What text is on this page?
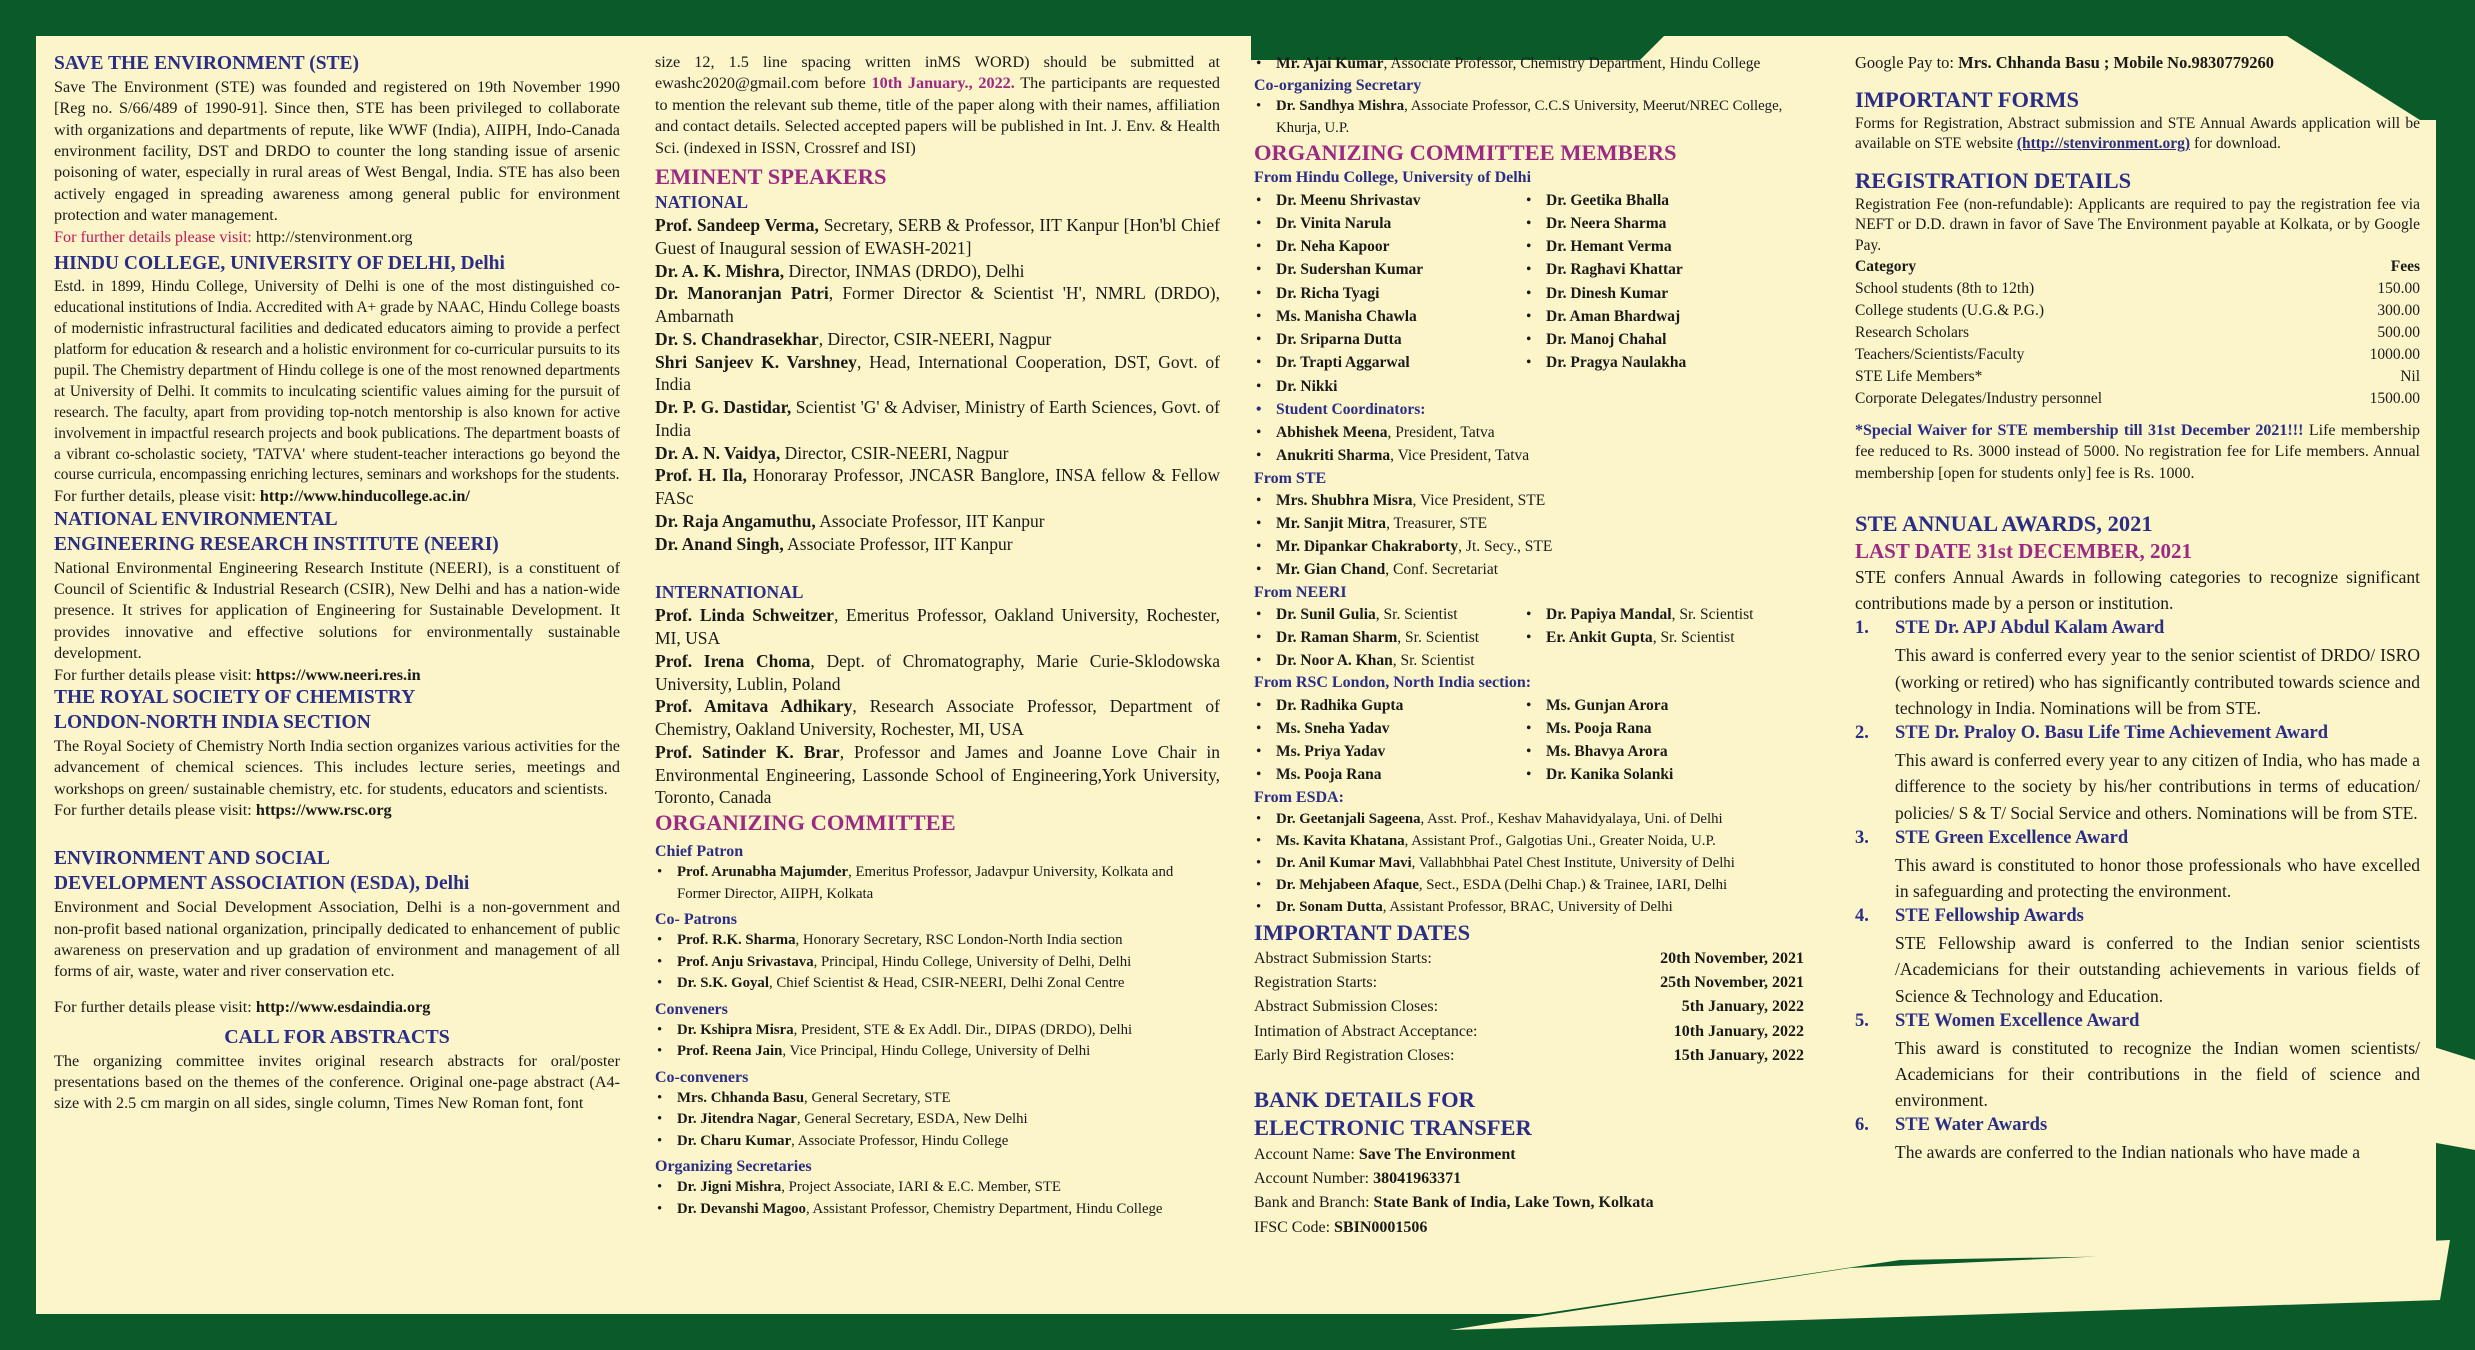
SAVE THE ENVIRONMENT (STE)

Save The Environment (STE) was founded and registered on 19th November 1990 [Reg no. S/66/489 of 1990-91]. Since then, STE has been privileged to collaborate with organizations and departments of repute, like WWF (India), AIIPH, Indo-Canada environment facility, DST and DRDO to counter the long standing issue of arsenic poisoning of water, especially in rural areas of West Bengal, India. STE has also been actively engaged in spreading awareness among general public for environment protection and water management.

For further details please visit: http://stenvironment.org

HINDU COLLEGE, UNIVERSITY OF DELHI, Delhi

Estd. in 1899, Hindu College, University of Delhi is one of the most distinguished co-educational institutions of India. Accredited with A+ grade by NAAC, Hindu College boasts of modernistic infrastructural facilities and dedicated educators aiming to provide a perfect platform for education & research and a holistic environment for co-curricular pursuits to its pupil. The Chemistry department of Hindu college is one of the most renowned departments at University of Delhi. It commits to inculcating scientific values aiming for the pursuit of research. The faculty, apart from providing top-notch mentorship is also known for active involvement in impactful research projects and book publications. The department boasts of a vibrant co-scholastic society, 'TATVA' where student-teacher interactions go beyond the course curricula, encompassing enriching lectures, seminars and workshops for the students.

For further details, please visit: http://www.hinducollege.ac.in/

NATIONAL ENVIRONMENTAL

ENGINEERING RESEARCH INSTITUTE (NEERI)

National Environmental Engineering Research Institute (NEERI), is a constituent of Council of Scientific & Industrial Research (CSIR), New Delhi and has a nation-wide presence. It strives for application of Engineering for Sustainable Development. It provides innovative and effective solutions for environmentally sustainable development.

For further details please visit: https://www.neeri.res.in

THE ROYAL SOCIETY OF CHEMISTRY

LONDON-NORTH INDIA SECTION

The Royal Society of Chemistry North India section organizes various activities for the advancement of chemical sciences. This includes lecture series, meetings and workshops on green/ sustainable chemistry, etc. for students, educators and scientists.

For further details please visit: https://www.rsc.org

ENVIRONMENT AND SOCIAL

DEVELOPMENT ASSOCIATION (ESDA), Delhi

Environment and Social Development Association, Delhi is a non-government and non-profit based national organization, principally dedicated to enhancement of public awareness on preservation and up gradation of environment and management of all forms of air, waste, water and river conservation etc.

For further details please visit: http://www.esdaindia.org

CALL FOR ABSTRACTS

The organizing committee invites original research abstracts for oral/poster presentations based on the themes of the conference. Original one-page abstract (A4-size with 2.5 cm margin on all sides, single column, Times New Roman font, font

size 12, 1.5 line spacing written inMS WORD) should be submitted at ewashc2020@gmail.com before 10th January., 2022. The participants are requested to mention the relevant sub theme, title of the paper along with their names, affiliation and contact details. Selected accepted papers will be published in Int. J. Env. & Health Sci. (indexed in ISSN, Crossref and ISI)

EMINENT SPEAKERS

NATIONAL

Prof. Sandeep Verma, Secretary, SERB & Professor, IIT Kanpur [Hon'bl Chief Guest of Inaugural session of EWASH-2021]

Dr. A. K. Mishra, Director, INMAS (DRDO), Delhi

Dr. Manoranjan Patri, Former Director & Scientist 'H', NMRL (DRDO), Ambarnath

Dr. S. Chandrasekhar, Director, CSIR-NEERI, Nagpur

Shri Sanjeev K. Varshney, Head, International Cooperation, DST, Govt. of India

Dr. P. G. Dastidar, Scientist 'G' & Adviser, Ministry of Earth Sciences, Govt. of India

Dr. A. N. Vaidya, Director, CSIR-NEERI, Nagpur

Prof. H. Ila, Honoraray Professor, JNCASR Banglore, INSA fellow & Fellow FASc

Dr. Raja Angamuthu, Associate Professor, IIT Kanpur

Dr. Anand Singh, Associate Professor, IIT Kanpur

INTERNATIONAL

Prof. Linda Schweitzer, Emeritus Professor, Oakland University, Rochester, MI, USA

Prof. Irena Choma, Dept. of Chromatography, Marie Curie-Sklodowska University, Lublin, Poland

Prof. Amitava Adhikary, Research Associate Professor, Department of Chemistry, Oakland University, Rochester, MI, USA

Prof. Satinder K. Brar, Professor and James and Joanne Love Chair in Environmental Engineering, Lassonde School of Engineering,York University, Toronto, Canada

ORGANIZING COMMITTEE

Chief Patron

• Prof. Arunabha Majumder, Emeritus Professor, Jadavpur University, Kolkata and Former Director, AIIPH, Kolkata

Co- Patrons

• Prof. R.K. Sharma, Honorary Secretary, RSC London-North India section
• Prof. Anju Srivastava, Principal, Hindu College, University of Delhi, Delhi
• Dr. S.K. Goyal, Chief Scientist & Head, CSIR-NEERI, Delhi Zonal Centre

Conveners

• Dr. Kshipra Misra, President, STE & Ex Addl. Dir., DIPAS (DRDO), Delhi
• Prof. Reena Jain, Vice Principal, Hindu College, University of Delhi

Co-conveners

• Mrs. Chhanda Basu, General Secretary, STE
• Dr. Jitendra Nagar, General Secretary, ESDA, New Delhi
• Dr. Charu Kumar, Associate Professor, Hindu College

Organizing Secretaries

• Dr. Jigni Mishra, Project Associate, IARI & E.C. Member, STE
• Dr. Devanshi Magoo, Assistant Professor, Chemistry Department, Hindu College
• Mr. Ajai Kumar, Associate Professor, Chemistry Department, Hindu College

Co-organizing Secretary

• Dr. Sandhya Mishra, Associate Professor, C.C.S University, Meerut/NREC College, Khurja, U.P.

ORGANIZING COMMITTEE MEMBERS

From Hindu College, University of Delhi

• Dr. Meenu Shrivastav
• Dr. Vinita Narula
• Dr. Neha Kapoor
• Dr. Sudershan Kumar
• Dr. Richa Tyagi
• Ms. Manisha Chawla
• Dr. Sriparna Dutta
• Dr. Trapti Aggarwal
• Dr. Nikki
• Dr. Geetika Bhalla
• Dr. Neera Sharma
• Dr. Hemant Verma
• Dr. Raghavi Khattar
• Dr. Dinesh Kumar
• Dr. Aman Bhardwaj
• Dr. Manoj Chahal
• Dr. Pragya Naulakha
• Student Coordinators:
• Abhishek Meena, President, Tatva
• Anukriti Sharma, Vice President, Tatva

From STE

• Mrs. Shubhra Misra, Vice President, STE
• Mr. Sanjit Mitra, Treasurer, STE
• Mr. Dipankar Chakraborty, Jt. Secy., STE
• Mr. Gian Chand, Conf. Secretariat

From NEERI

• Dr. Sunil Gulia, Sr. Scientist
• Dr. Raman Sharm, Sr. Scientist
• Dr. Noor A. Khan, Sr. Scientist
• Dr. Papiya Mandal, Sr. Scientist
• Er. Ankit Gupta, Sr. Scientist

From RSC London, North India section:

• Dr. Radhika Gupta
• Ms. Sneha Yadav
• Ms. Priya Yadav
• Ms. Pooja Rana
• Ms. Gunjan Arora
• Ms. Pooja Rana
• Ms. Bhavya Arora
• Dr. Kanika Solanki

From ESDA:

• Dr. Geetanjali Sageena, Asst. Prof., Keshav Mahavidyalaya, Uni. of Delhi
• Ms. Kavita Khatana, Assistant Prof., Galgotias Uni., Greater Noida, U.P.
• Dr. Anil Kumar Mavi, Vallabhbhai Patel Chest Institute, University of Delhi
• Dr. Mehjabeen Afaque, Sect., ESDA (Delhi Chap.) & Trainee, IARI, Delhi
• Dr. Sonam Dutta, Assistant Professor, BRAC, University of Delhi

IMPORTANT DATES

Abstract Submission Starts:	20th November, 2021
Registration Starts:	25th November, 2021
Abstract Submission Closes:	5th January, 2022
Intimation of Abstract Acceptance:	10th January, 2022
Early Bird Registration Closes:	15th January, 2022

BANK DETAILS FOR

ELECTRONIC TRANSFER

Account Name: Save The Environment

Account Number: 38041963371

Bank and Branch: State Bank of India, Lake Town, Kolkata

IFSC Code: SBIN0001506

Google Pay to: Mrs. Chhanda Basu ; Mobile No.9830779260

IMPORTANT FORMS

Forms for Registration, Abstract submission and STE Annual Awards application will be available on STE website (http://stenvironment.org) for download.

REGISTRATION DETAILS

Registration Fee (non-refundable): Applicants are required to pay the registration fee via NEFT or D.D. drawn in favor of Save The Environment payable at Kolkata, or by Google Pay.

Category	Fees
School students (8th to 12th)	150.00
College students (U.G.& P.G.)	300.00
Research Scholars	500.00
Teachers/Scientists/Faculty	1000.00
STE Life Members*	Nil
Corporate Delegates/Industry personnel	1500.00

*Special Waiver for STE membership till 31st December 2021!!! Life membership fee reduced to Rs. 3000 instead of 5000. No registration fee for Life members. Annual membership [open for students only] fee is Rs. 1000.

STE ANNUAL AWARDS, 2021

LAST DATE 31st DECEMBER, 2021

STE confers Annual Awards in following categories to recognize significant contributions made by a person or institution.

1.	STE Dr. APJ Abdul Kalam Award

This award is conferred every year to the senior scientist of DRDO/ ISRO (working or retired) who has significantly contributed towards science and technology in India. Nominations will be from STE.

2.	STE Dr. Praloy O. Basu Life Time Achievement Award

This award is conferred every year to any citizen of India, who has made a difference to the society by his/her contributions in terms of education/ policies/ S & T/ Social Service and others. Nominations will be from STE.

3.	STE Green Excellence Award

This award is constituted to honor those professionals who have excelled in safeguarding and protecting the environment.

4.	STE Fellowship Awards

STE Fellowship award is conferred to the Indian senior scientists /Academicians for their outstanding achievements in various fields of Science & Technology and Education.

5.	STE Women Excellence Award

This award is constituted to recognize the Indian women scientists/ Academicians for their contributions in the field of science and environment.

6.	STE Water Awards

The awards are conferred to the Indian nationals who have made a
